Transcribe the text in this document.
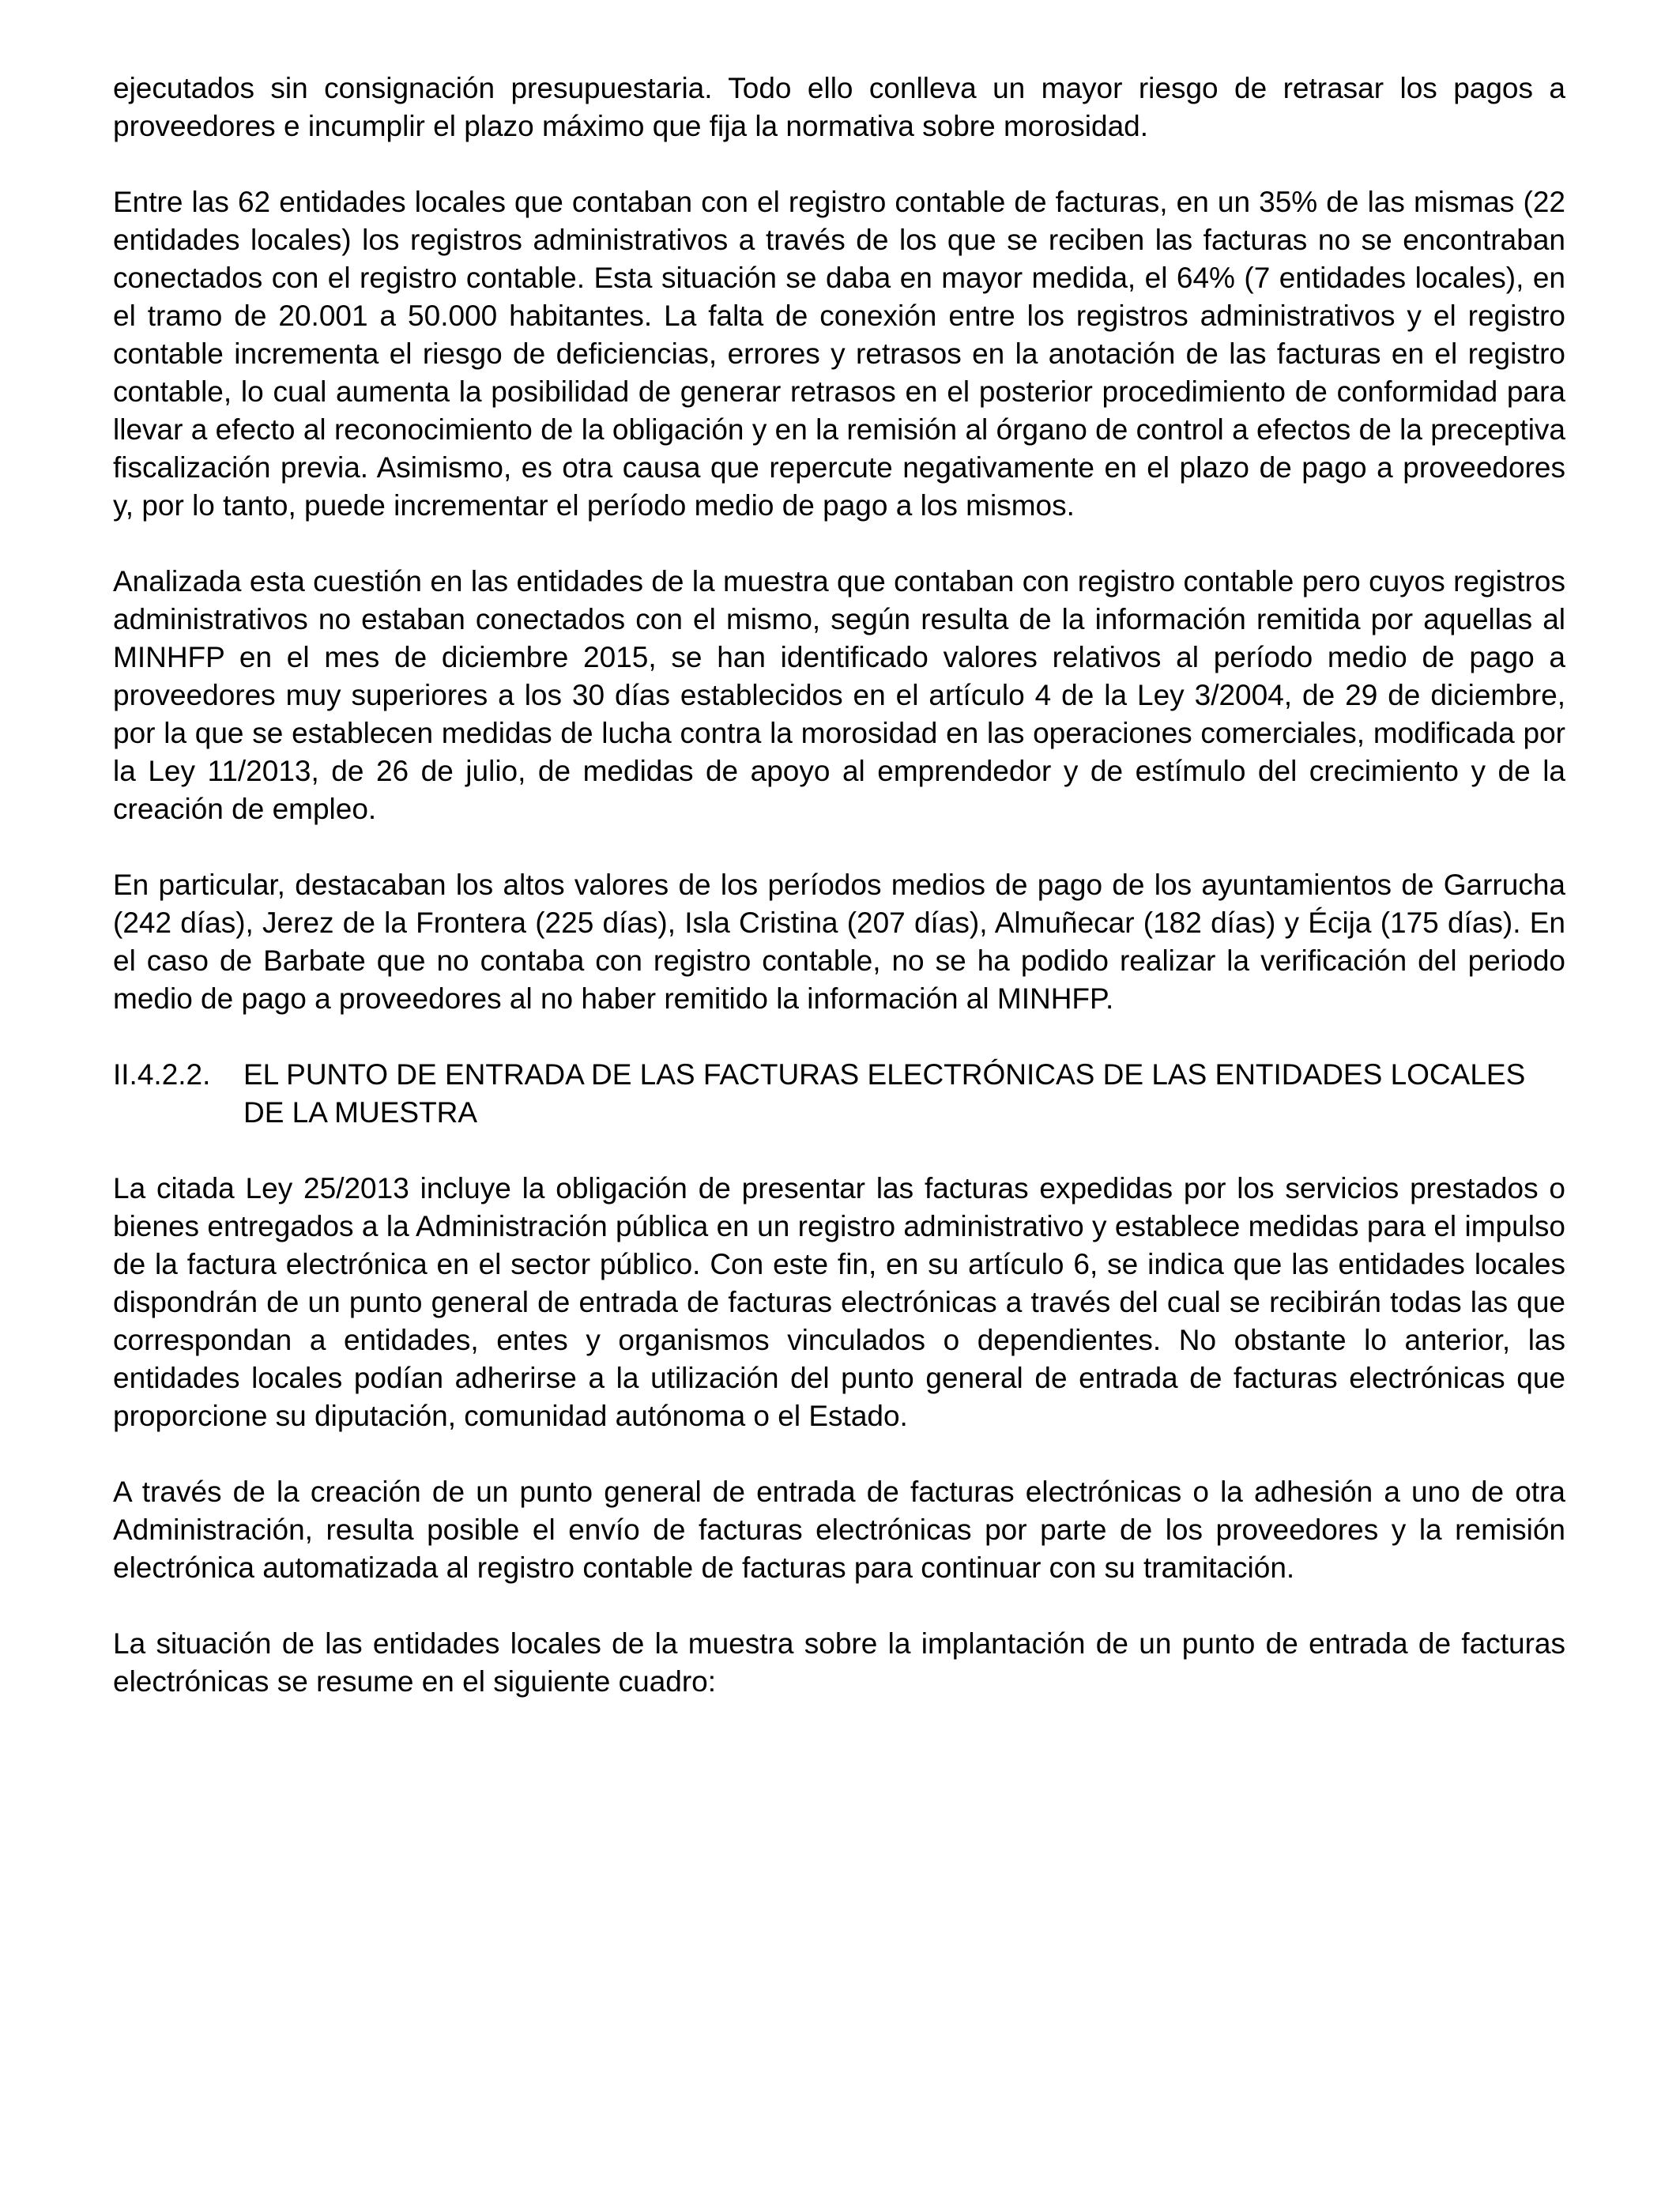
ejecutados sin consignación presupuestaria. Todo ello conlleva un mayor riesgo de retrasar los pagos a proveedores e incumplir el plazo máximo que fija la normativa sobre morosidad.

Entre las 62 entidades locales que contaban con el registro contable de facturas, en un 35% de las mismas (22 entidades locales) los registros administrativos a través de los que se reciben las facturas no se encontraban conectados con el registro contable. Esta situación se daba en mayor medida, el 64% (7 entidades locales), en el tramo de 20.001 a 50.000 habitantes. La falta de conexión entre los registros administrativos y el registro contable incrementa el riesgo de deficiencias, errores y retrasos en la anotación de las facturas en el registro contable, lo cual aumenta la posibilidad de generar retrasos en el posterior procedimiento de conformidad para llevar a efecto al reconocimiento de la obligación y en la remisión al órgano de control a efectos de la preceptiva fiscalización previa. Asimismo, es otra causa que repercute negativamente en el plazo de pago a proveedores y, por lo tanto, puede incrementar el período medio de pago a los mismos.

Analizada esta cuestión en las entidades de la muestra que contaban con registro contable pero cuyos registros administrativos no estaban conectados con el mismo, según resulta de la información remitida por aquellas al MINHFP en el mes de diciembre 2015, se han identificado valores relativos al período medio de pago a proveedores muy superiores a los 30 días establecidos en el artículo 4 de la Ley 3/2004, de 29 de diciembre, por la que se establecen medidas de lucha contra la morosidad en las operaciones comerciales, modificada por la Ley 11/2013, de 26 de julio, de medidas de apoyo al emprendedor y de estímulo del crecimiento y de la creación de empleo.

En particular, destacaban los altos valores de los períodos medios de pago de los ayuntamientos de Garrucha (242 días), Jerez de la Frontera (225 días), Isla Cristina (207 días), Almuñecar (182 días) y Écija (175 días). En el caso de Barbate que no contaba con registro contable, no se ha podido realizar la verificación del periodo medio de pago a proveedores al no haber remitido la información al MINHFP.

II.4.2.2.	EL PUNTO DE ENTRADA DE LAS FACTURAS ELECTRÓNICAS DE LAS ENTIDADES LOCALES DE LA MUESTRA

La citada Ley 25/2013 incluye la obligación de presentar las facturas expedidas por los servicios prestados o bienes entregados a la Administración pública en un registro administrativo y establece medidas para el impulso de la factura electrónica en el sector público. Con este fin, en su artículo 6, se indica que las entidades locales dispondrán de un punto general de entrada de facturas electrónicas a través del cual se recibirán todas las que correspondan a entidades, entes y organismos vinculados o dependientes. No obstante lo anterior, las entidades locales podían adherirse a la utilización del punto general de entrada de facturas electrónicas que proporcione su diputación, comunidad autónoma o el Estado.

A través de la creación de un punto general de entrada de facturas electrónicas o la adhesión a uno de otra Administración, resulta posible el envío de facturas electrónicas por parte de los proveedores y la remisión electrónica automatizada al registro contable de facturas para continuar con su tramitación.

La situación de las entidades locales de la muestra sobre la implantación de un punto de entrada de facturas electrónicas se resume en el siguiente cuadro:
